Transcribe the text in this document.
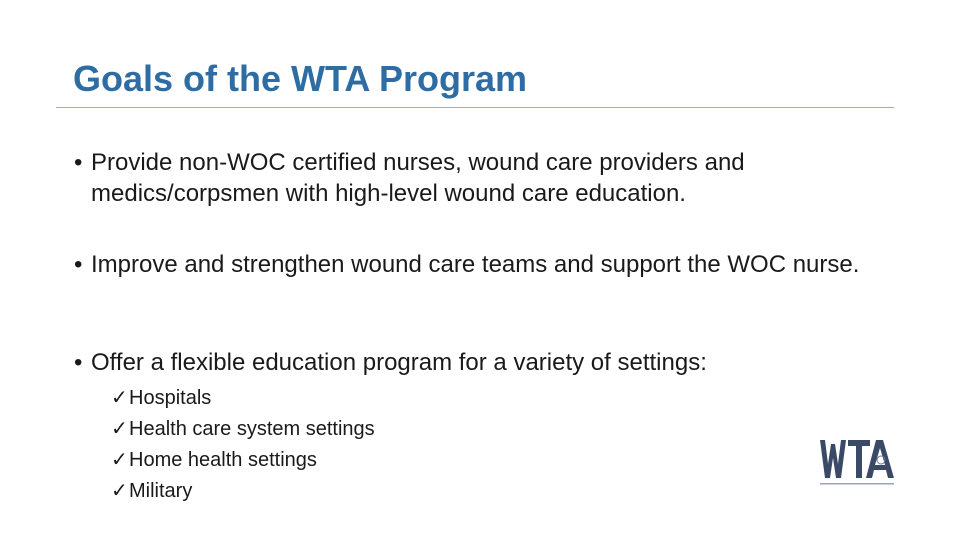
Goals of the WTA Program
• Provide non-WOC certified nurses, wound care providers and medics/corpsmen with high-level wound care education.
• Improve and strengthen wound care teams and support the WOC nurse.
• Offer a flexible education program for a variety of settings:
✓Hospitals
✓Health care system settings
✓Home health settings
✓Military
